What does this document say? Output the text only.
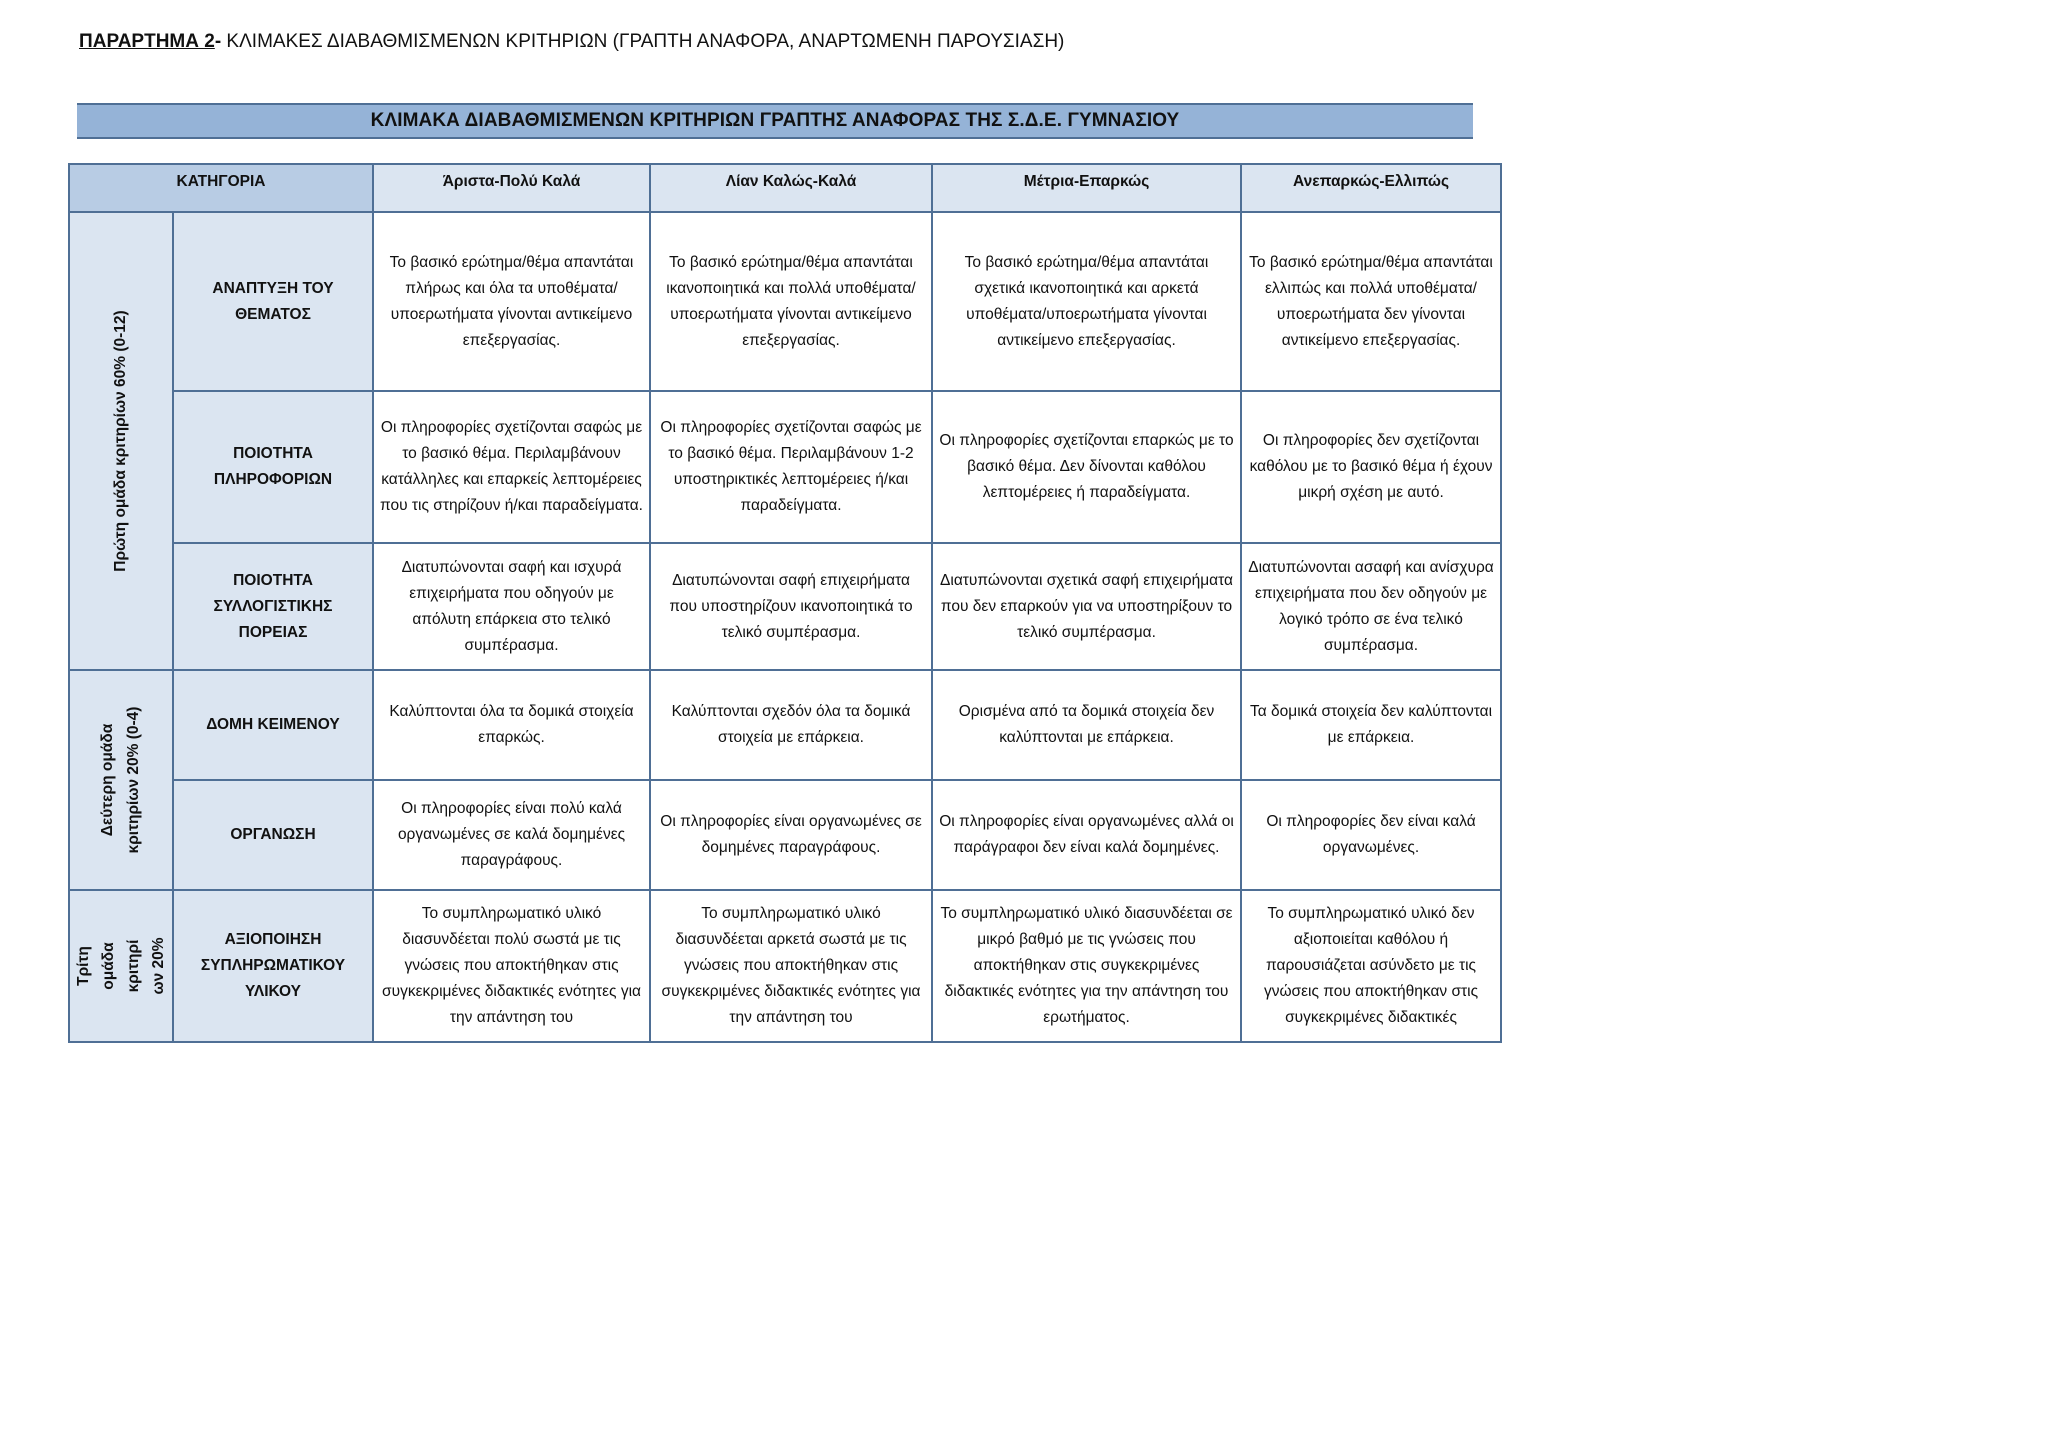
ΠΑΡΑΡΤΗΜΑ 2- ΚΛΙΜΑΚΕΣ ΔΙΑΒΑΘΜΙΣΜΕΝΩΝ ΚΡΙΤΗΡΙΩΝ (ΓΡΑΠΤΗ ΑΝΑΦΟΡΑ, ΑΝΑΡΤΩΜΕΝΗ ΠΑΡΟΥΣΙΑΣΗ)
ΚΛΙΜΑΚΑ ΔΙΑΒΑΘΜΙΣΜΕΝΩΝ ΚΡΙΤΗΡΙΩΝ ΓΡΑΠΤΗΣ ΑΝΑΦΟΡΑΣ ΤΗΣ Σ.Δ.Ε. ΓΥΜΝΑΣΙΟΥ
ΚΑΤΗΓΟΡΙΑ		Άριστα-Πολύ Καλά	Λίαν Καλώς-Καλά	Μέτρια-Επαρκώς	Ανεπαρκώς-Ελλιπώς

Πρώτη ομάδα κριτηρίων 60% (0-12)	ΑΝΑΠΤΥΞΗ ΤΟΥ ΘΕΜΑΤΟΣ	Το βασικό ερώτημα/θέμα απαντάται πλήρως και όλα τα υποθέματα/υποερωτήματα γίνονται αντικείμενο επεξεργασίας.	Το βασικό ερώτημα/θέμα απαντάται ικανοποιητικά και πολλά υποθέματα/υποερωτήματα γίνονται αντικείμενο επεξεργασίας.	Το βασικό ερώτημα/θέμα απαντάται σχετικά ικανοποιητικά και αρκετά υποθέματα/υποερωτήματα γίνονται αντικείμενο επεξεργασίας.	Το βασικό ερώτημα/θέμα απαντάται ελλιπώς και πολλά υποθέματα/υποερωτήματα δεν γίνονται αντικείμενο επεξεργασίας.
	ΠΟΙΟΤΗΤΑ ΠΛΗΡΟΦΟΡΙΩΝ	Οι πληροφορίες σχετίζονται σαφώς με το βασικό θέμα. Περιλαμβάνουν κατάλληλες και επαρκείς λεπτομέρειες που τις στηρίζουν ή/και παραδείγματα.	Οι πληροφορίες σχετίζονται σαφώς με το βασικό θέμα. Περιλαμβάνουν 1-2 υποστηρικτικές λεπτομέρειες ή/και παραδείγματα.	Οι πληροφορίες σχετίζονται επαρκώς με το βασικό θέμα. Δεν δίνονται καθόλου λεπτομέρειες ή παραδείγματα.	Οι πληροφορίες δεν σχετίζονται καθόλου με το βασικό θέμα ή έχουν μικρή σχέση με αυτό.
	ΠΟΙΟΤΗΤΑ ΣΥΛΛΟΓΙΣΤΙΚΗΣ ΠΟΡΕΙΑΣ	Διατυπώνονται σαφή και ισχυρά επιχειρήματα που οδηγούν με απόλυτη επάρκεια στο τελικό συμπέρασμα.	Διατυπώνονται σαφή επιχειρήματα που υποστηρίζουν ικανοποιητικά το τελικό συμπέρασμα.	Διατυπώνονται σχετικά σαφή επιχειρήματα που δεν επαρκούν για να υποστηρίξουν το τελικό συμπέρασμα.	Διατυπώνονται ασαφή και ανίσχυρα επιχειρήματα που δεν οδηγούν με λογικό τρόπο σε ένα τελικό συμπέρασμα.

Δεύτερη ομάδα κριτηρίων 20% (0-4)	ΔΟΜΗ ΚΕΙΜΕΝΟΥ	Καλύπτονται όλα τα δομικά στοιχεία επαρκώς.	Καλύπτονται σχεδόν όλα τα δομικά στοιχεία με επάρκεια.	Ορισμένα από τα δομικά στοιχεία δεν καλύπτονται με επάρκεια.	Τα δομικά στοιχεία δεν καλύπτονται με επάρκεια.
	ΟΡΓΑΝΩΣΗ	Οι πληροφορίες είναι πολύ καλά οργανωμένες σε καλά δομημένες παραγράφους.	Οι πληροφορίες είναι οργανωμένες σε δομημένες παραγράφους.	Οι πληροφορίες είναι οργανωμένες αλλά οι παράγραφοι δεν είναι καλά δομημένες.	Οι πληροφορίες δεν είναι καλά οργανωμένες.

Τρίτη ομάδα κριτηρί ων 20%	ΑΞΙΟΠΟΙΗΣΗ ΣΥΠΛΗΡΩΜΑΤΙΚΟΥ ΥΛΙΚΟΥ	Το συμπληρωματικό υλικό διασυνδέεται πολύ σωστά με τις γνώσεις που αποκτήθηκαν στις συγκεκριμένες διδακτικές ενότητες για την απάντηση του	Το συμπληρωματικό υλικό διασυνδέεται αρκετά σωστά με τις γνώσεις που αποκτήθηκαν στις συγκεκριμένες διδακτικές ενότητες για την απάντηση του	Το συμπληρωματικό υλικό διασυνδέεται σε μικρό βαθμό με τις γνώσεις που αποκτήθηκαν στις συγκεκριμένες διδακτικές ενότητες για την απάντηση του ερωτήματος.	Το συμπληρωματικό υλικό δεν αξιοποιείται καθόλου ή παρουσιάζεται ασύνδετο με τις γνώσεις που αποκτήθηκαν στις συγκεκριμένες διδακτικές
